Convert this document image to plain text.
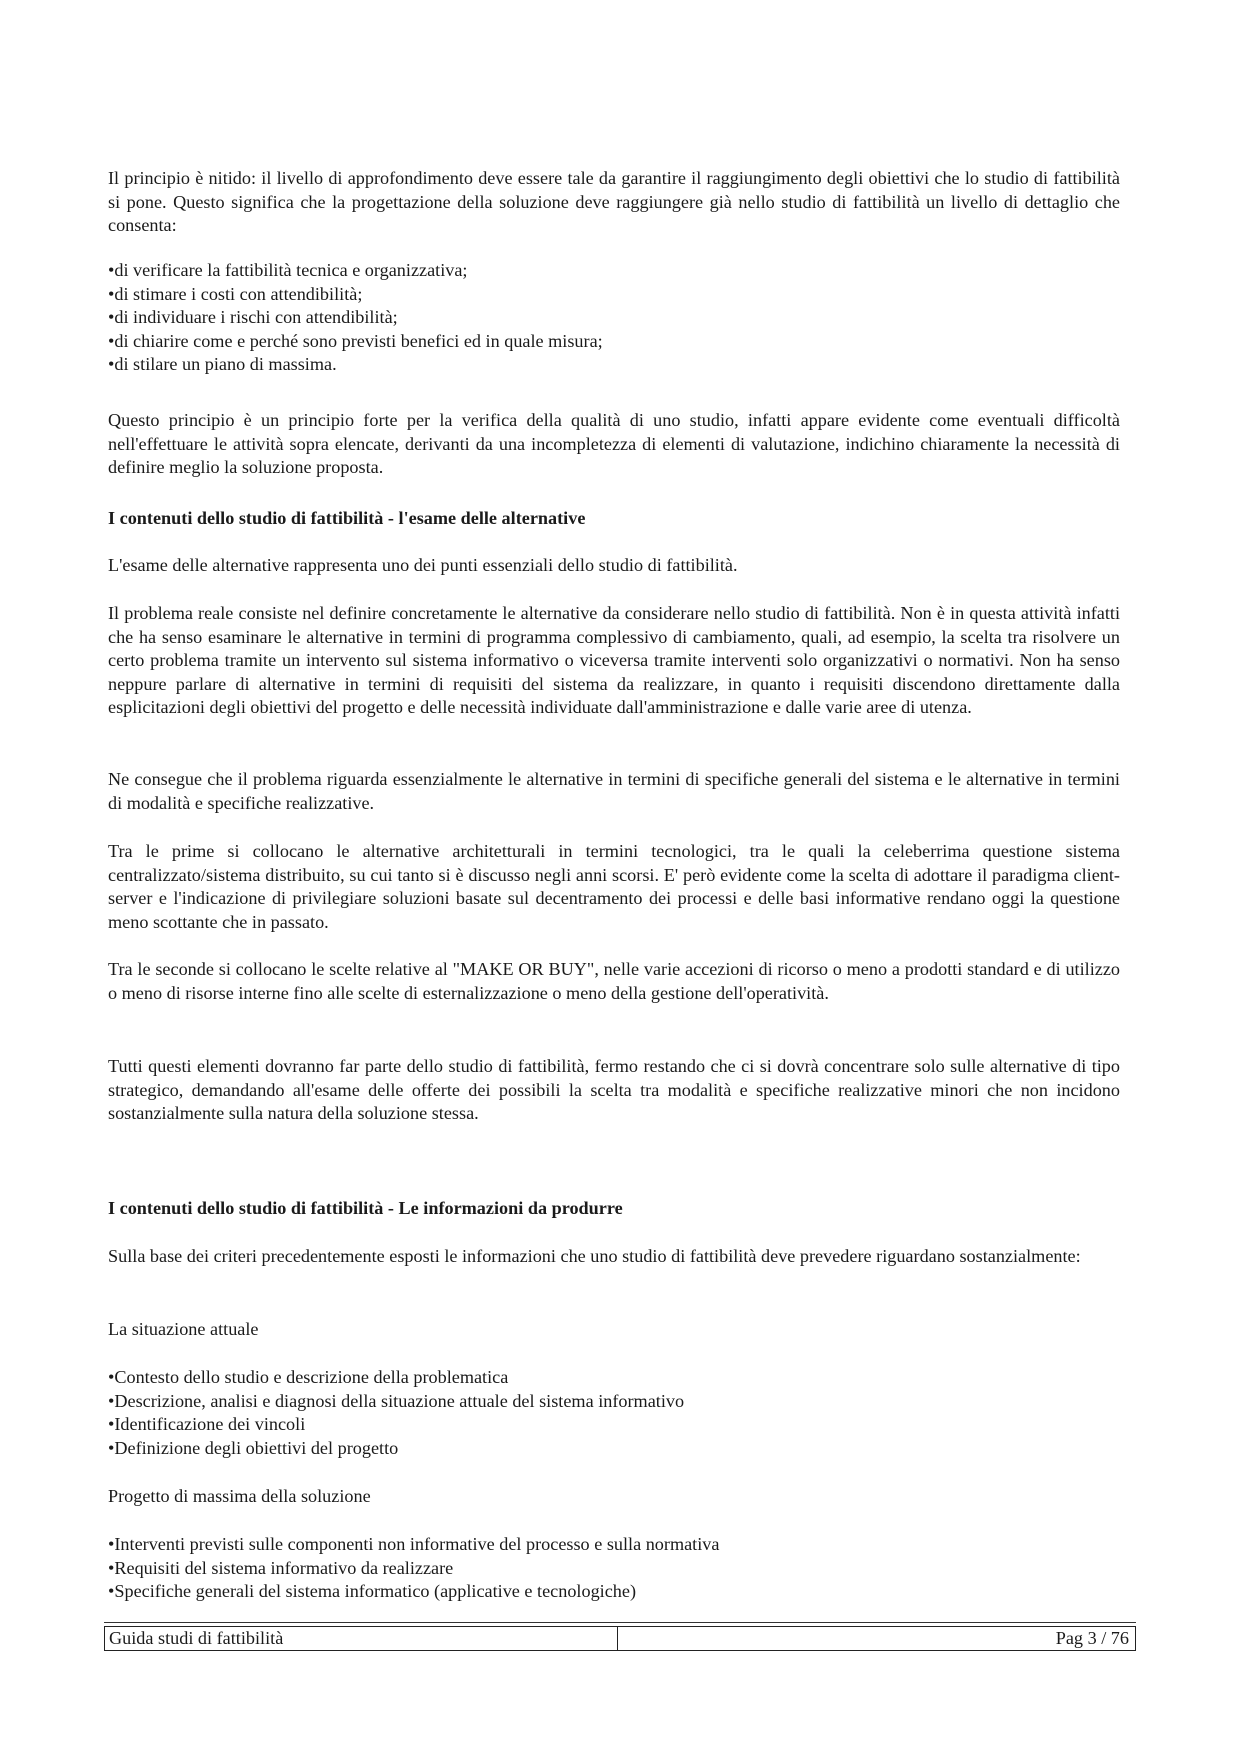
Il principio è nitido: il livello di approfondimento deve essere tale da garantire il raggiungimento degli obiettivi che lo studio di fattibilità si pone. Questo significa che la progettazione della soluzione deve raggiungere già nello studio di fattibilità un livello di dettaglio che consenta:

•di verificare la fattibilità tecnica e organizzativa;
•di stimare i costi con attendibilità;
•di individuare i rischi con attendibilità;
•di chiarire come e perché sono previsti benefici ed in quale misura;
•di stilare un piano di massima.

Questo principio è un principio forte per la verifica della qualità di uno studio, infatti appare evidente come eventuali difficoltà nell'effettuare le attività sopra elencate, derivanti da una incompletezza di elementi di valutazione, indichino chiaramente la necessità di definire meglio la soluzione proposta.

I contenuti dello studio di fattibilità - l'esame delle alternative

L'esame delle alternative rappresenta uno dei punti essenziali dello studio di fattibilità.

Il problema reale consiste nel definire concretamente le alternative da considerare nello studio di fattibilità. Non è in questa attività infatti che ha senso esaminare le alternative in termini di programma complessivo di cambiamento, quali, ad esempio, la scelta tra risolvere un certo problema tramite un intervento sul sistema informativo o viceversa tramite interventi solo organizzativi o normativi. Non ha senso neppure parlare di alternative in termini di requisiti del sistema da realizzare, in quanto i requisiti discendono direttamente dalla esplicitazioni degli obiettivi del progetto e delle necessità individuate dall'amministrazione e dalle varie aree di utenza.

Ne consegue che il problema riguarda essenzialmente le alternative in termini di specifiche generali del sistema e le alternative in termini di modalità e specifiche realizzative.

Tra le prime si collocano le alternative architetturali in termini tecnologici, tra le quali la celeberrima questione sistema centralizzato/sistema distribuito, su cui tanto si è discusso negli anni scorsi. E' però evidente come la scelta di adottare il paradigma client-server e l'indicazione di privilegiare soluzioni basate sul decentramento dei processi e delle basi informative rendano oggi la questione meno scottante che in passato.

Tra le seconde si collocano le scelte relative al "MAKE OR BUY", nelle varie accezioni di ricorso o meno a prodotti standard e di utilizzo o meno di risorse interne fino alle scelte di esternalizzazione o meno della gestione dell'operatività.

Tutti questi elementi dovranno far parte dello studio di fattibilità, fermo restando che ci si dovrà concentrare solo sulle alternative di tipo strategico, demandando all'esame delle offerte dei possibili la scelta tra modalità e specifiche realizzative minori che non incidono sostanzialmente sulla natura della soluzione stessa.

I contenuti dello studio di fattibilità - Le informazioni da produrre

Sulla base dei criteri precedentemente esposti le informazioni che uno studio di fattibilità deve prevedere riguardano sostanzialmente:

La situazione attuale

•Contesto dello studio e descrizione della problematica
•Descrizione, analisi e diagnosi della situazione attuale del sistema informativo
•Identificazione dei vincoli
•Definizione degli obiettivi del progetto

Progetto di massima della soluzione

•Interventi previsti sulle componenti non informative del processo e sulla normativa
•Requisiti del sistema informativo da realizzare
•Specifiche generali del sistema informatico (applicative e tecnologiche)
Guida studi di fattibilità	Pag 3 / 76
